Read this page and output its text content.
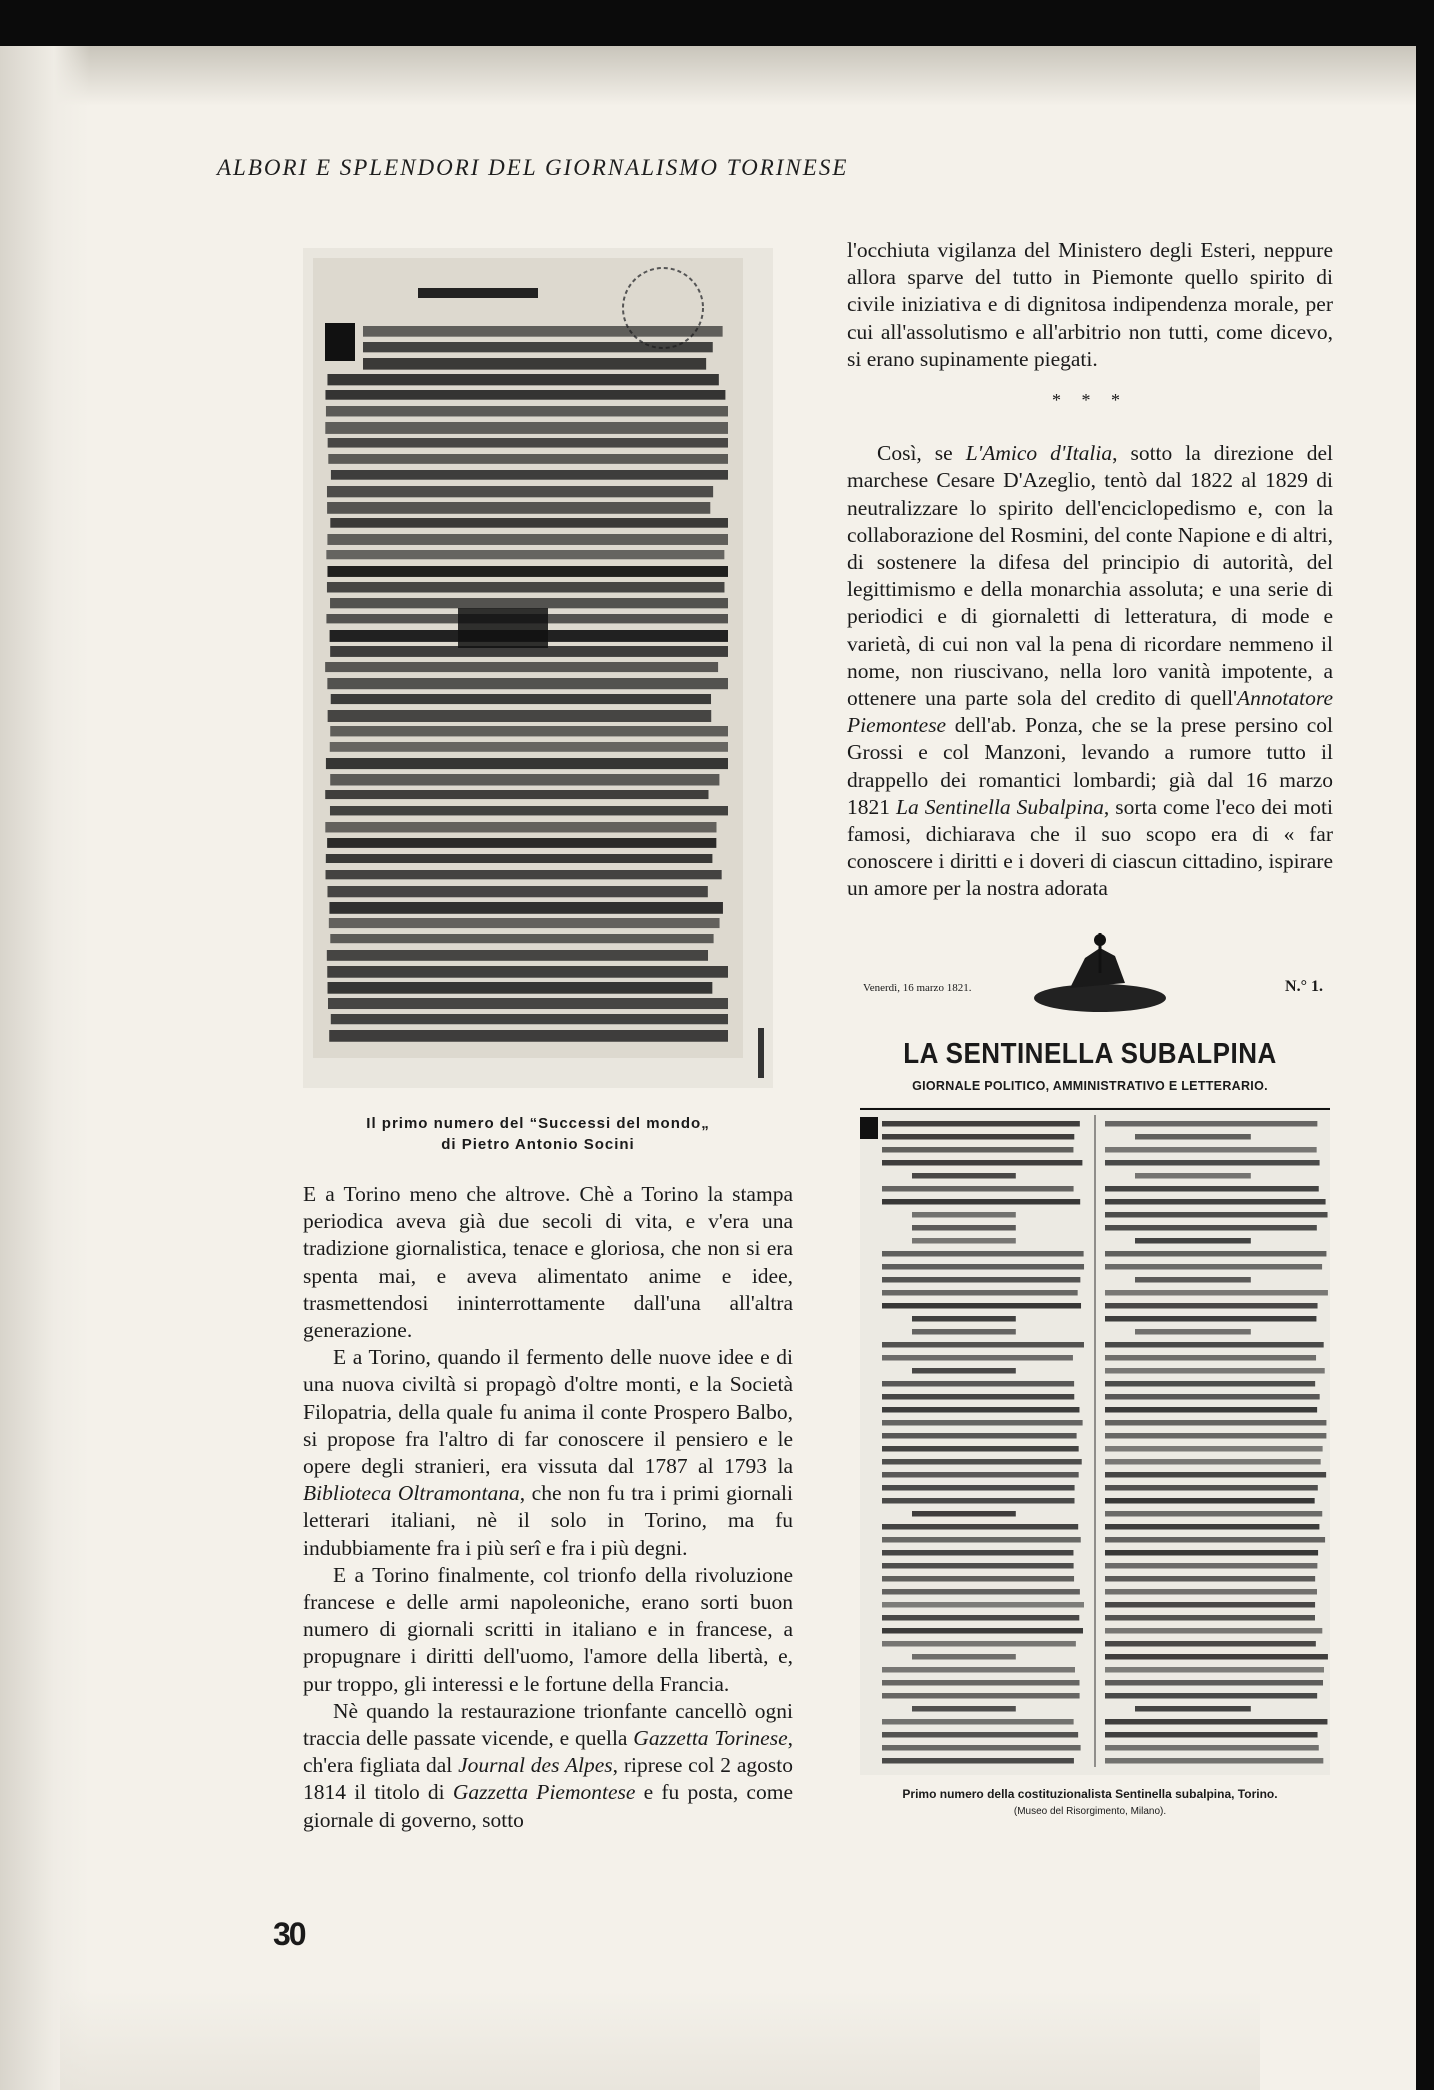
ALBORI E SPLENDORI DEL GIORNALISMO TORINESE
Il primo numero del “Successi del mondo„
di Pietro Antonio Socini

l'occhiuta vigilanza del Ministero degli Esteri, neppure allora sparve del tutto in Piemonte quello spirito di civile iniziativa e di dignitosa indipendenza morale, per cui all'assolutismo e all'arbitrio non tutti, come dicevo, si erano supinamente piegati.

* * *

Così, se L'Amico d'Italia, sotto la direzione del marchese Cesare D'Azeglio, tentò dal 1822 al 1829 di neutralizzare lo spirito dell'enciclopedismo e, con la collaborazione del Rosmini, del conte Napione e di altri, di sostenere la difesa del principio di autorità, del legittimismo e della monarchia assoluta; e una serie di periodici e di giornaletti di letteratura, di mode e varietà, di cui non val la pena di ricordare nemmeno il nome, non riuscivano, nella loro vanità impotente, a ottenere una parte sola del credito di quell'Annotatore Piemontese dell'ab. Ponza, che se la prese persino col Grossi e col Manzoni, levando a rumore tutto il drappello dei romantici lombardi; già dal 16 marzo 1821 La Sentinella Subalpina, sorta come l'eco dei moti famosi, dichiarava che il suo scopo era di « far conoscere i diritti e i doveri di ciascun cittadino, ispirare un amore per la nostra adorata

Venerdì, 16 marzo 1821.	N.° 1.
LA SENTINELLA SUBALPINA
GIORNALE POLITICO, AMMINISTRATIVO E LETTERARIO.
Primo numero della costituzionalista Sentinella subalpina, Torino.
(Museo del Risorgimento, Milano).

E a Torino meno che altrove. Chè a Torino la stampa periodica aveva già due secoli di vita, e v'era una tradizione giornalistica, tenace e gloriosa, che non si era spenta mai, e aveva alimentato anime e idee, trasmettendosi ininterrottamente dall'una all'altra generazione.

E a Torino, quando il fermento delle nuove idee e di una nuova civiltà si propagò d'oltre monti, e la Società Filopatria, della quale fu anima il conte Prospero Balbo, si propose fra l'altro di far conoscere il pensiero e le opere degli stranieri, era vissuta dal 1787 al 1793 la Biblioteca Oltramontana, che non fu tra i primi giornali letterari italiani, nè il solo in Torino, ma fu indubbiamente fra i più serî e fra i più degni.

E a Torino finalmente, col trionfo della rivoluzione francese e delle armi napoleoniche, erano sorti buon numero di giornali scritti in italiano e in francese, a propugnare i diritti dell'uomo, l'amore della libertà, e, pur troppo, gli interessi e le fortune della Francia.

Nè quando la restaurazione trionfante cancellò ogni traccia delle passate vicende, e quella Gazzetta Torinese, ch'era figliata dal Journal des Alpes, riprese col 2 agosto 1814 il titolo di Gazzetta Piemontese e fu posta, come giornale di governo, sotto

30
